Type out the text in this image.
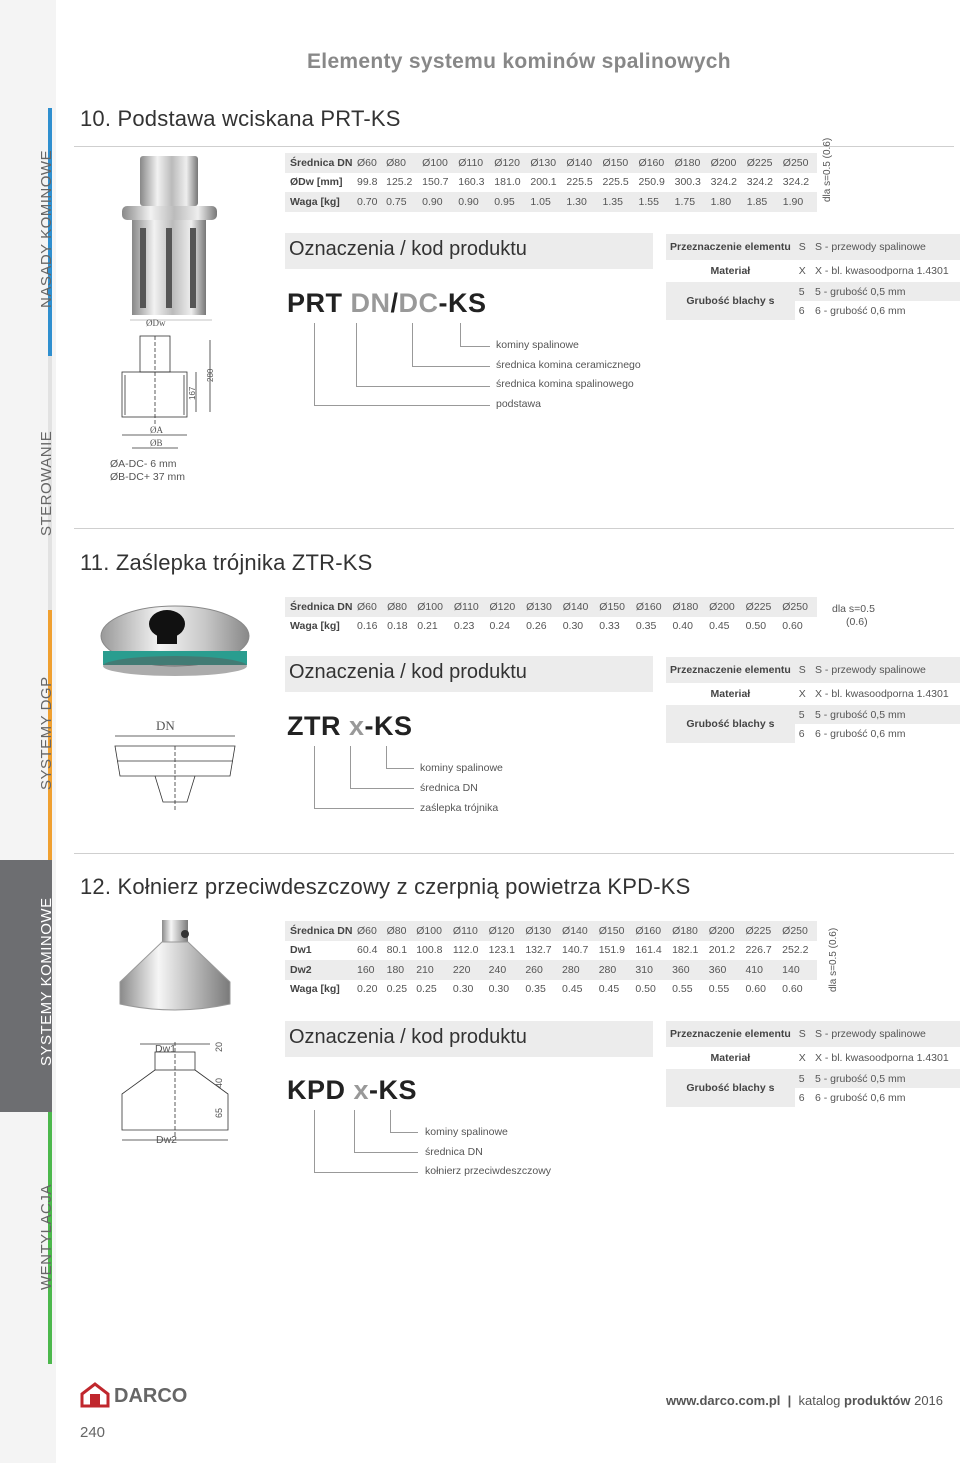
NASADY KOMINOWE
STEROWANIE
SYSTEMY DGP
SYSTEMY KOMINOWE
WENTYLACJA
Elementy systemu kominów spalinowych
10. Podstawa wciskana PRT-KS
ØDw
ØA
ØB
167
280
ØA-DC- 6 mm
ØB-DC+ 37 mm
Średnica DN	Ø60	Ø80	Ø100	Ø110	Ø120	Ø130	Ø140	Ø150	Ø160	Ø180	Ø200	Ø225	Ø250
ØDw [mm]	99.8	125.2	150.7	160.3	181.0	200.1	225.5	225.5	250.9	300.3	324.2	324.2	324.2
Waga [kg]	0.70	0.75	0.90	0.90	0.95	1.05	1.30	1.35	1.55	1.75	1.80	1.85	1.90 dla s=0.5 (0.6)
Oznaczenia / kod produktu
PRT DN/DC-KS
kominy spalinowe
średnica komina ceramicznego
średnica komina spalinowego
podstawa
Przeznaczenie elementu	S	S - przewody spalinowe
Materiał	X	X - bl. kwasoodporna 1.4301
Grubość blachy s	5	5 - grubość 0,5 mm
	6	6 - grubość 0,6 mm
11. Zaślepka trójnika ZTR-KS
DN
Średnica DN	Ø60	Ø80	Ø100	Ø110	Ø120	Ø130	Ø140	Ø150	Ø160	Ø180	Ø200	Ø225	Ø250
Waga [kg]	0.16	0.18	0.21	0.23	0.24	0.26	0.30	0.33	0.35	0.40	0.45	0.50	0.60
dla s=0.5
(0.6)
Oznaczenia / kod produktu
ZTR x-KS
kominy spalinowe
średnica DN
zaślepka trójnika
Przeznaczenie elementu	S	S - przewody spalinowe
Materiał	X	X - bl. kwasoodporna 1.4301
Grubość blachy s	5	5 - grubość 0,5 mm
	6	6 - grubość 0,6 mm
12. Kołnierz przeciwdeszczowy z czerpnią powietrza KPD-KS
Dw1
Dw2
20
40
65
Średnica DN	Ø60	Ø80	Ø100	Ø110	Ø120	Ø130	Ø140	Ø150	Ø160	Ø180	Ø200	Ø225	Ø250
Dw1	60.4	80.1	100.8	112.0	123.1	132.7	140.7	151.9	161.4	182.1	201.2	226.7	252.2
Dw2	160	180	210	220	240	260	280	280	310	360	360	410	140
Waga [kg]	0.20	0.25	0.25	0.30	0.30	0.35	0.45	0.45	0.50	0.55	0.55	0.60	0.60	dla s=0.5 (0.6)
Oznaczenia / kod produktu
KPD x-KS
kominy spalinowe
średnica DN
kołnierz przeciwdeszczowy
Przeznaczenie elementu	S	S - przewody spalinowe
Materiał	X	X - bl. kwasoodporna 1.4301
Grubość blachy s	5	5 - grubość 0,5 mm
	6	6 - grubość 0,6 mm
DARCO	www.darco.com.pl | katalog produktów 2016
240
